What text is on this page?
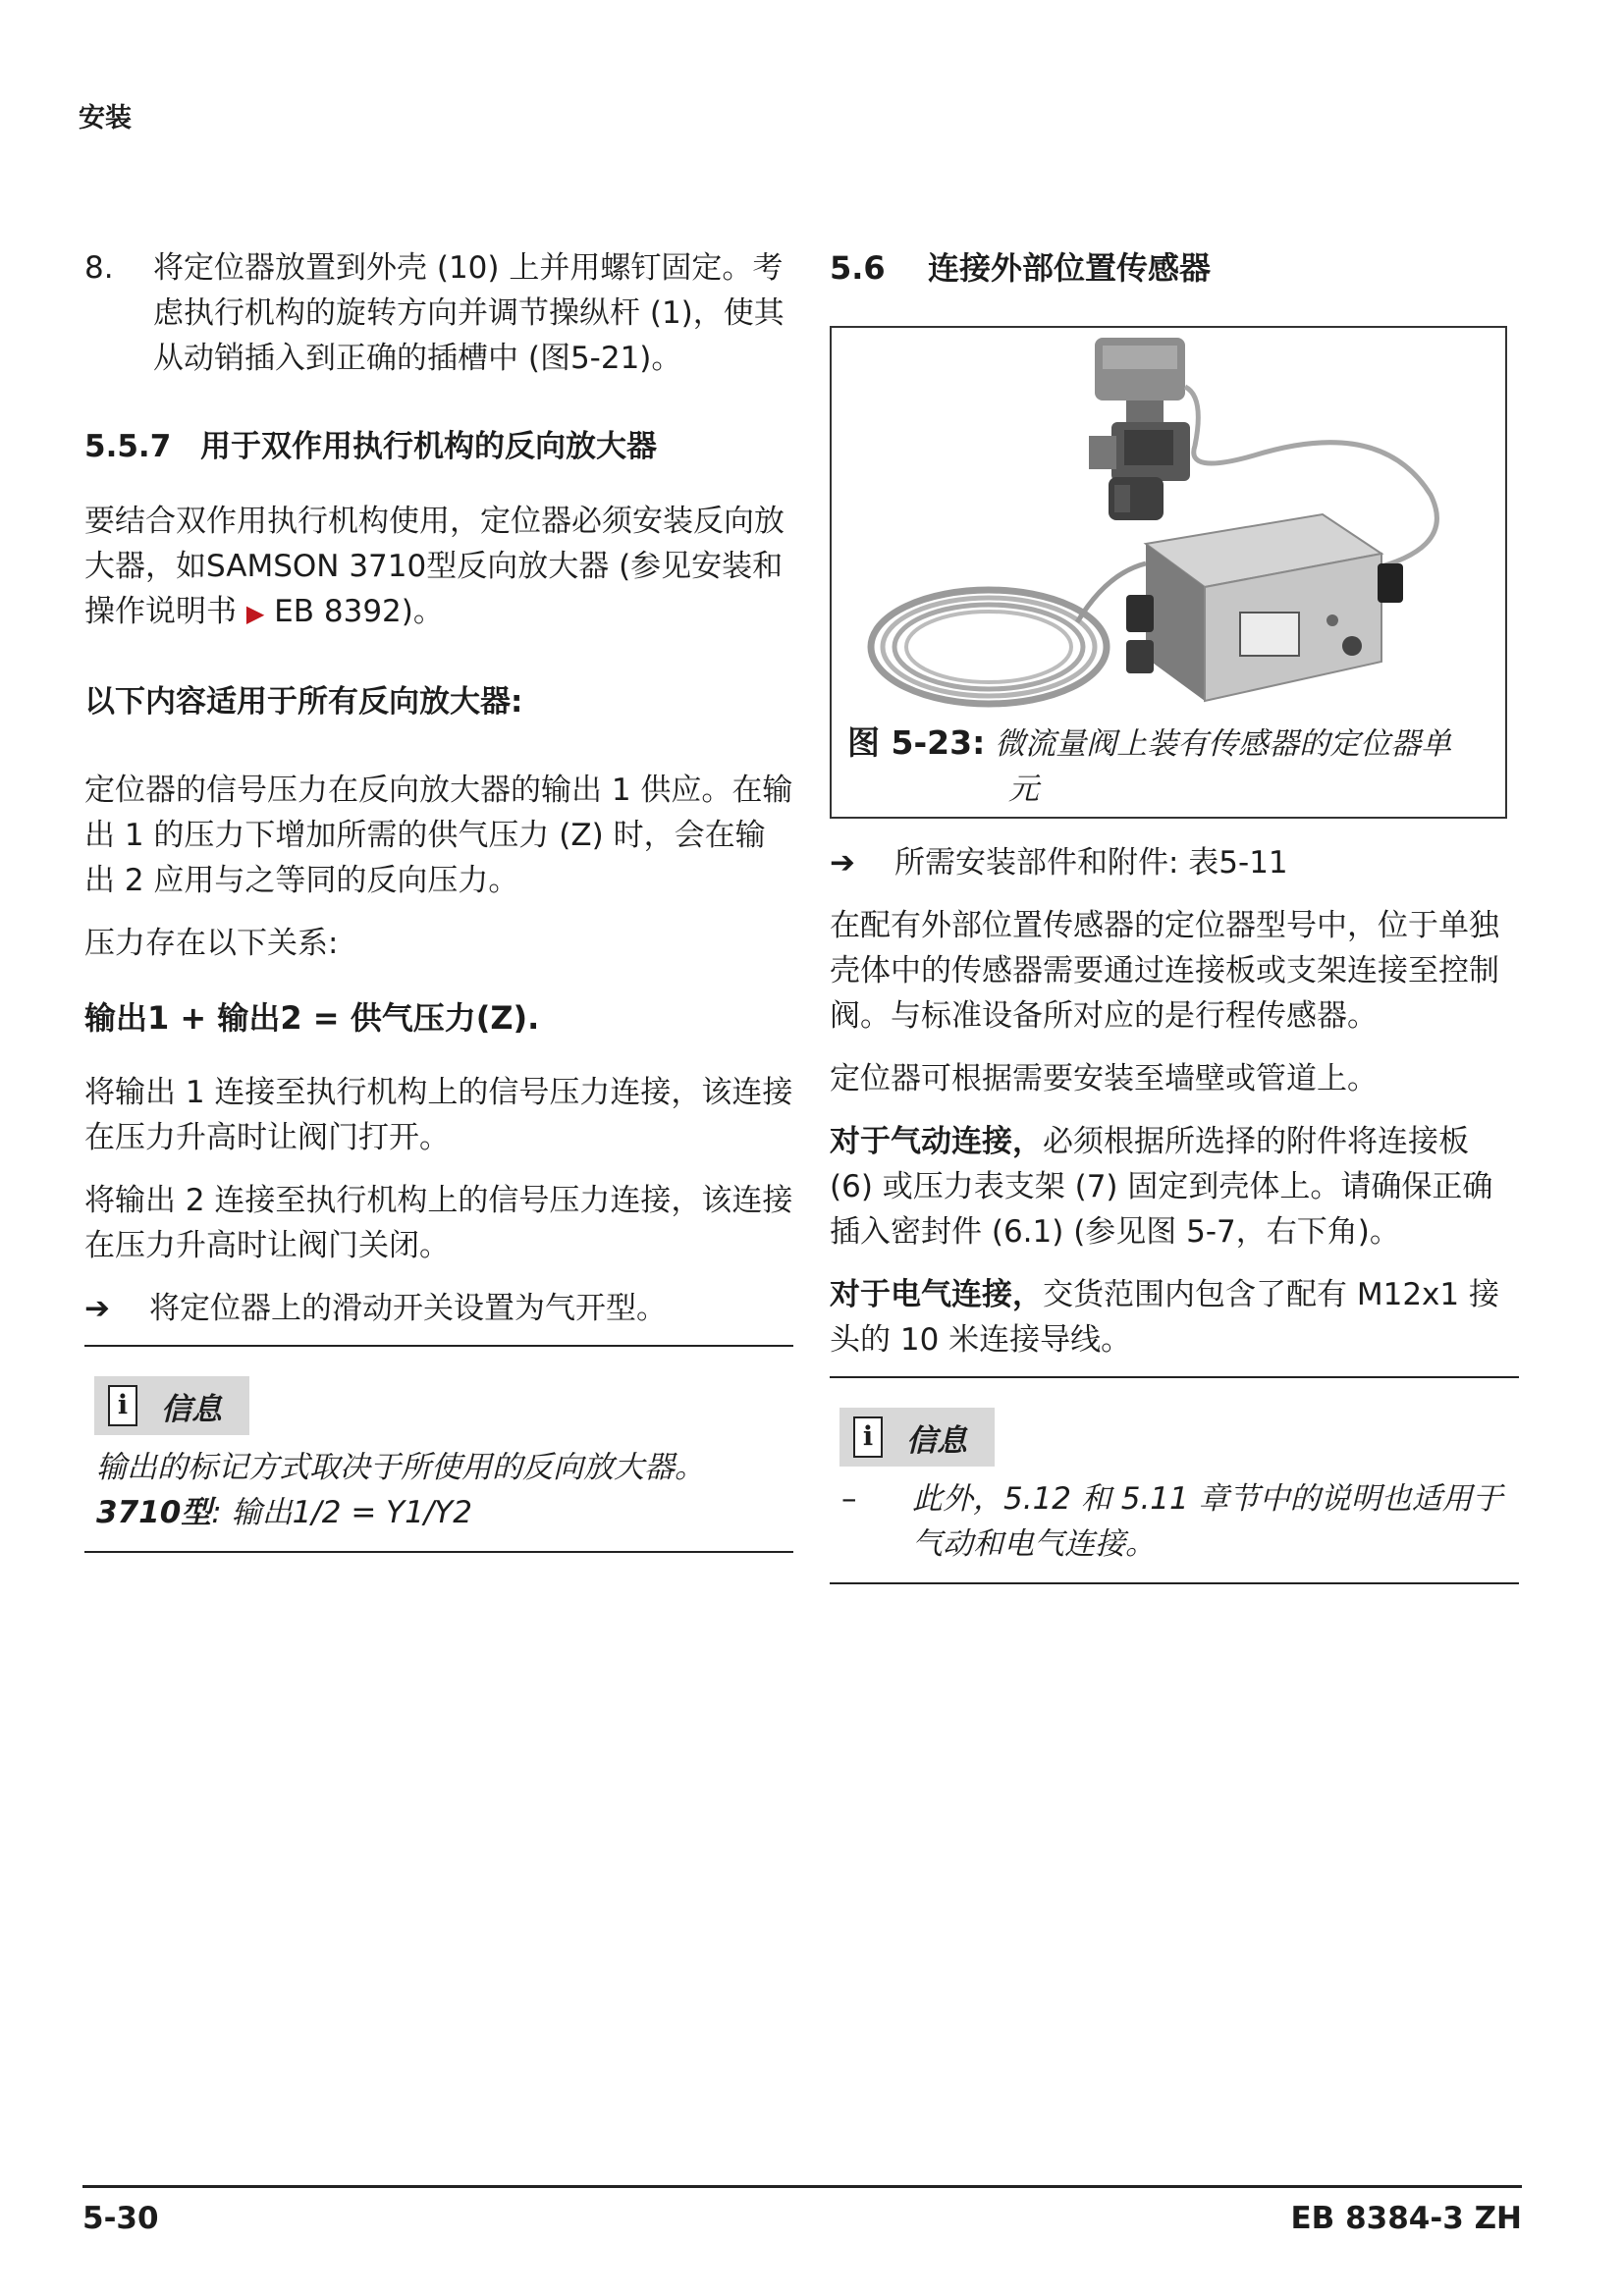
安装
8.	将定位器放置到外壳 (10) 上并用螺钉固定。考虑执行机构的旋转方向并调节操纵杆 (1)，使其从动销插入到正确的插槽中 (图5-21)。
5.5.7 用于双作用执行机构的反向放大器

要结合双作用执行机构使用，定位器必须安装反向放大器，如SAMSON 3710型反向放大器 (参见安装和操作说明书 ▶ EB 8392)。

以下内容适用于所有反向放大器:

定位器的信号压力在反向放大器的输出 1 供应。在输出 1 的压力下增加所需的供气压力 (Z) 时，会在输出 2 应用与之等同的反向压力。

压力存在以下关系:

输出1 + 输出2 = 供气压力(Z).

将输出 1 连接至执行机构上的信号压力连接，该连接在压力升高时让阀门打开。

将输出 2 连接至执行机构上的信号压力连接，该连接在压力升高时让阀门关闭。

➔	将定位器上的滑动开关设置为气开型。
i	信息
输出的标记方式取决于所使用的反向放大器。
3710型: 输出1/2 = Y1/Y2
5.6	连接外部位置传感器
图 5-23: 微流量阀上装有传感器的定位器单
元
➔	所需安装部件和附件: 表5-11

在配有外部位置传感器的定位器型号中，位于单独壳体中的传感器需要通过连接板或支架连接至控制阀。与标准设备所对应的是行程传感器。

定位器可根据需要安装至墙壁或管道上。

对于气动连接，必须根据所选择的附件将连接板 (6) 或压力表支架 (7) 固定到壳体上。请确保正确插入密封件 (6.1) (参见图 5-7，右下角)。

对于电气连接，交货范围内包含了配有 M12x1 接头的 10 米连接导线。

i	信息
–	此外，5.12 和 5.11 章节中的说明也适用于气动和电气连接。
5-30	EB 8384-3 ZH
